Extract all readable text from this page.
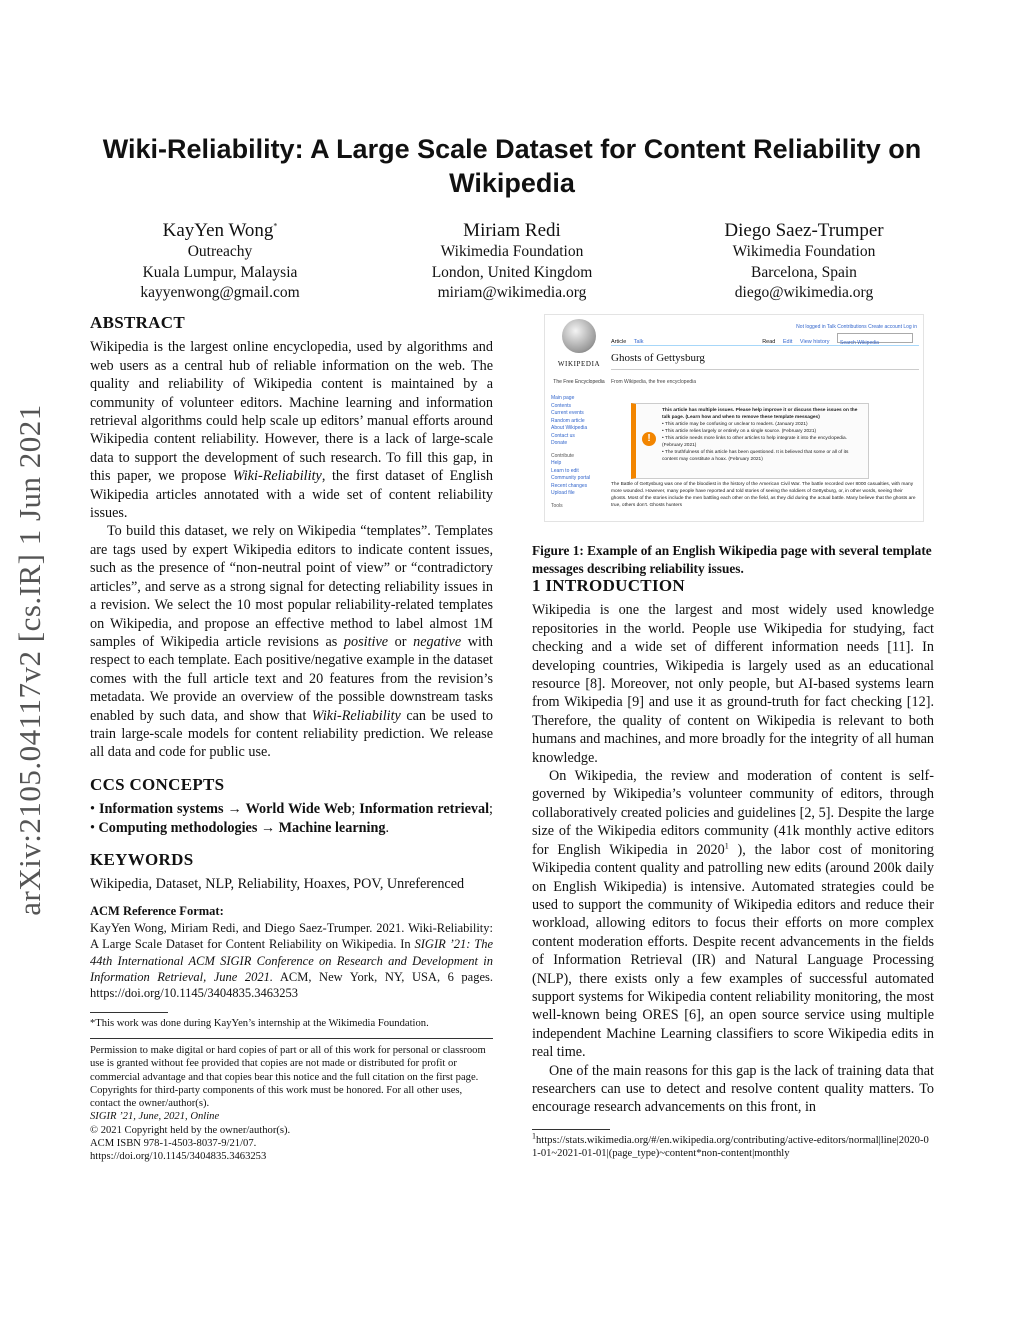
arXiv:2105.04117v2 [cs.IR] 1 Jun 2021
Wiki-Reliability: A Large Scale Dataset for Content Reliability on Wikipedia
KayYen Wong*
Outreachy
Kuala Lumpur, Malaysia
kayyenwong@gmail.com
Miriam Redi
Wikimedia Foundation
London, United Kingdom
miriam@wikimedia.org
Diego Saez-Trumper
Wikimedia Foundation
Barcelona, Spain
diego@wikimedia.org
ABSTRACT

Wikipedia is the largest online encyclopedia, used by algorithms and web users as a central hub of reliable information on the web. The quality and reliability of Wikipedia content is maintained by a community of volunteer editors. Machine learning and information retrieval algorithms could help scale up editors’ manual efforts around Wikipedia content reliability. However, there is a lack of large-scale data to support the development of such research. To fill this gap, in this paper, we propose Wiki-Reliability, the first dataset of English Wikipedia articles annotated with a wide set of content reliability issues.

To build this dataset, we rely on Wikipedia “templates”. Templates are tags used by expert Wikipedia editors to indicate content issues, such as the presence of “non-neutral point of view” or “contradictory articles”, and serve as a strong signal for detecting reliability issues in a revision. We select the 10 most popular reliability-related templates on Wikipedia, and propose an effective method to label almost 1M samples of Wikipedia article revisions as positive or negative with respect to each template. Each positive/negative example in the dataset comes with the full article text and 20 features from the revision’s metadata. We provide an overview of the possible downstream tasks enabled by such data, and show that Wiki-Reliability can be used to train large-scale models for content reliability prediction. We release all data and code for public use.

CCS CONCEPTS

• Information systems → World Wide Web; Information retrieval; • Computing methodologies → Machine learning.

KEYWORDS

Wikipedia, Dataset, NLP, Reliability, Hoaxes, POV, Unreferenced

ACM Reference Format:

KayYen Wong, Miriam Redi, and Diego Saez-Trumper. 2021. Wiki-Reliability: A Large Scale Dataset for Content Reliability on Wikipedia. In SIGIR ’21: The 44th International ACM SIGIR Conference on Research and Development in Information Retrieval, June 2021. ACM, New York, NY, USA, 6 pages. https://doi.org/10.1145/3404835.3463253

*This work was done during KayYen’s internship at the Wikimedia Foundation.

Permission to make digital or hard copies of part or all of this work for personal or classroom use is granted without fee provided that copies are not made or distributed for profit or commercial advantage and that copies bear this notice and the full citation on the first page. Copyrights for third-party components of this work must be honored. For all other uses, contact the owner/author(s).
SIGIR ’21, June, 2021, Online
© 2021 Copyright held by the owner/author(s).
ACM ISBN 978-1-4503-8037-9/21/07.
https://doi.org/10.1145/3404835.3463253
WIKIPEDIA
The Free Encyclopedia
Not logged in Talk Contributions Create account Log in
Main page
Contents
Current events
Random article
About Wikipedia
Contact us
Donate
Contribute
Help
Learn to edit
Community portal
Recent changes
Upload file
Tools
Article Talk	Read Edit View history Search Wikipedia
Ghosts of Gettysburg
From Wikipedia, the free encyclopedia
!
This article has multiple issues. Please help improve it or discuss these issues on the talk page. (Learn how and when to remove these template messages)
• This article may be confusing or unclear to readers. (January 2021)
• This article relies largely or entirely on a single source. (February 2021)
• This article needs more links to other articles to help integrate it into the encyclopedia. (February 2021)
• The truthfulness of this article has been questioned. It is believed that some or all of its content may constitute a hoax. (February 2021)
The Battle of Gettysburg was one of the bloodiest in the history of the American Civil War. The battle recorded over 8000 casualties, with many more wounded. However, many people have reported and told stories of seeing the soldiers of Gettysburg, or, in other words, seeing their ghosts. Most of the stories include the men battling each other on the field, as they did during the actual battle. Many believe that the ghosts are true, others don't. Ghosts hunters

Figure 1: Example of an English Wikipedia page with several template messages describing reliability issues.

1 INTRODUCTION

Wikipedia is one the largest and most widely used knowledge repositories in the world. People use Wikipedia for studying, fact checking and a wide set of different information needs [11]. In developing countries, Wikipedia is largely used as an educational resource [8]. Moreover, not only people, but AI-based systems learn from Wikipedia [9] and use it as ground-truth for fact checking [12]. Therefore, the quality of content on Wikipedia is relevant to both humans and machines, and more broadly for the integrity of all human knowledge.

On Wikipedia, the review and moderation of content is self-governed by Wikipedia’s volunteer community of editors, through collaboratively created policies and guidelines [2, 5]. Despite the large size of the Wikipedia editors community (41k monthly active editors for English Wikipedia in 2020$^1$ ), the labor cost of monitoring Wikipedia content quality and patrolling new edits (around 200k daily on English Wikipedia) is intensive. Automated strategies could be used to support the community of Wikipedia editors and reduce their workload, allowing editors to focus their efforts on more complex content moderation efforts. Despite recent advancements in the fields of Information Retrieval (IR) and Natural Language Processing (NLP), there exists only a few examples of successful automated support systems for Wikipedia content reliability monitoring, the most well-known being ORES [6], an open source service using multiple independent Machine Learning classifiers to score Wikipedia edits in real time.

One of the main reasons for this gap is the lack of training data that researchers can use to detect and resolve content quality matters. To encourage research advancements on this front, in

$^1$https://stats.wikimedia.org/#/en.wikipedia.org/contributing/active-editors/normal|line|2020-01-01~2021-01-01|(page_type)~content*non-content|monthly
